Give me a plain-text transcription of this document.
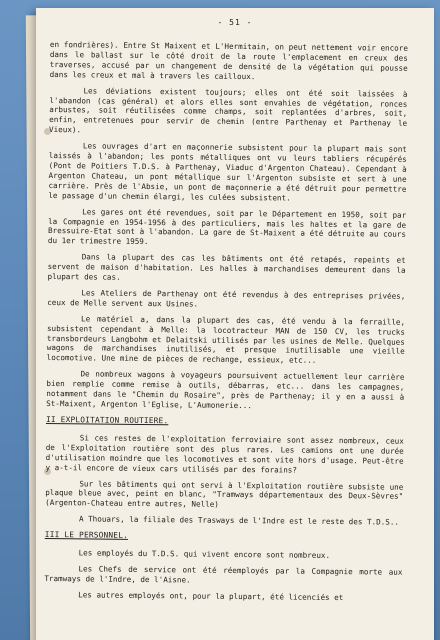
- 51 -

en fondrières). Entre St Maixent et L'Hermitain, on peut nettement voir encore dans le ballast sur le côté droit de la route l'emplacement en creux des traverses, accusé par un changement de densité de la végétation qui pousse dans les creux et mal à travers les cailloux.

Les déviations existent toujours; elles ont été soit laissées à l'abandon (cas général) et alors elles sont envahies de végétation, ronces arbustes, soit réutilisées comme champs, soit replantées d'arbres, soit, enfin, entretenues pour servir de chemin (entre Parthenay et Parthenay le Vieux).

Les ouvrages d'art en maçonnerie subsistent pour la plupart mais sont laissés à l'abandon; les ponts métalliques ont vu leurs tabliers récupérés (Pont de Poitiers T.D.S. à Parthenay, Viaduc d'Argenton Chateau). Cependant à Argenton Chateau, un pont métallique sur l'Argenton subsiste et sert à une carrière. Près de l'Absie, un pont de maçonnerie a été détruit pour permettre le passage d'un chemin élargi, les culées subsistent.

Les gares ont été revendues, soit par le Département en 1950, soit par la Compagnie en 1954-1956 à des particuliers, mais les haltes et la gare de Bressuire-Etat sont à l'abandon. La gare de St-Maixent a été détruite au cours du 1er trimestre 1959.

Dans la plupart des cas les bâtiments ont été retapés, repeints et servent de maison d'habitation. Les halles à marchandises demeurent dans la plupart des cas.

Les Ateliers de Parthenay ont été revendus à des entreprises privées, ceux de Melle servent aux Usines.

Le matériel a, dans la plupart des cas, été vendu à la ferraille, subsistent cependant à Melle: la locotracteur MAN de 150 CV, les trucks transbordeurs Langbohm et Delaitski utilisés par les usines de Melle. Quelques wagons de marchandises inutilisés, et presque inutilisable une vieille locomotive. Une mine de pièces de rechange, essieux, etc...

De nombreux wagons à voyageurs poursuivent actuellement leur carrière bien remplie comme remise à outils, débarras, etc... dans les campagnes, notamment dans le "Chemin du Rosaire", près de Parthenay; il y en a aussi à St-Maixent, Argenton l'Eglise, L'Aumonerie...

II EXPLOITATION ROUTIERE.

Si ces restes de l'exploitation ferroviaire sont assez nombreux, ceux de l'Exploitation routière sont des plus rares. Les camions ont une durée d'utilisation moindre que les locomotives et sont vite hors d'usage. Peut-être y a-t-il encore de vieux cars utilisés par des forains?

Sur les bâtiments qui ont servi à l'Exploitation routière subsiste une plaque bleue avec, peint en blanc, "Tramways départementaux des Deux-Sèvres" (Argenton-Chateau entre autres, Nelle)

A Thouars, la filiale des Trasways de l'Indre est le reste des T.D.S..

III LE PERSONNEL.

Les employés du T.D.S. qui vivent encore sont nombreux.

Les Chefs de service ont été réemployés par la Compagnie morte aux Tramways de l'Indre, de l'Aisne.

Les autres employés ont, pour la plupart, été licenciés et
